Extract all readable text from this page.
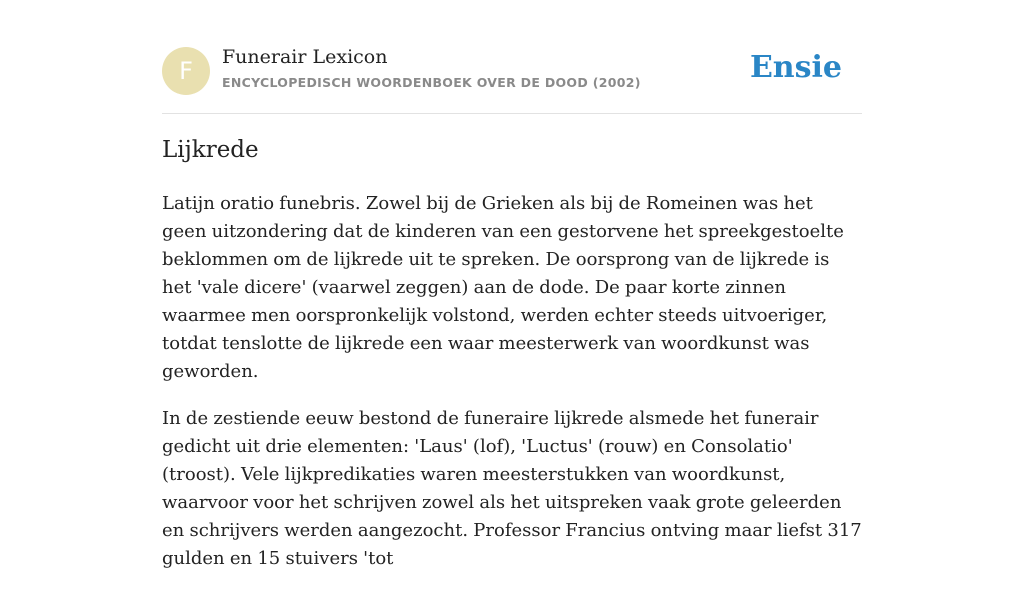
F	Funerair Lexicon
ENCYCLOPEDISCH WOORDENBOEK OVER DE DOOD (2002)	Ensie
Lijkrede

Latijn oratio funebris. Zowel bij de Grieken als bij de Romeinen was het geen uitzondering dat de kinderen van een gestorvene het spreekgestoelte beklommen om de lijkrede uit te spreken. De oorsprong van de lijkrede is het 'vale dicere' (vaarwel zeggen) aan de dode. De paar korte zinnen waarmee men oorspronkelijk volstond, werden echter steeds uitvoeriger, totdat tenslotte de lijkrede een waar meesterwerk van woordkunst was geworden.

In de zestiende eeuw bestond de funeraire lijkrede alsmede het funerair gedicht uit drie elementen: 'Laus' (lof), 'Luctus' (rouw) en Consolatio' (troost). Vele lijkpredikaties waren meesterstukken van woordkunst, waarvoor voor het schrijven zowel als het uitspreken vaak grote geleerden en schrijvers werden aangezocht. Professor Francius ontving maar liefst 317 gulden en 15 stuivers 'tot
